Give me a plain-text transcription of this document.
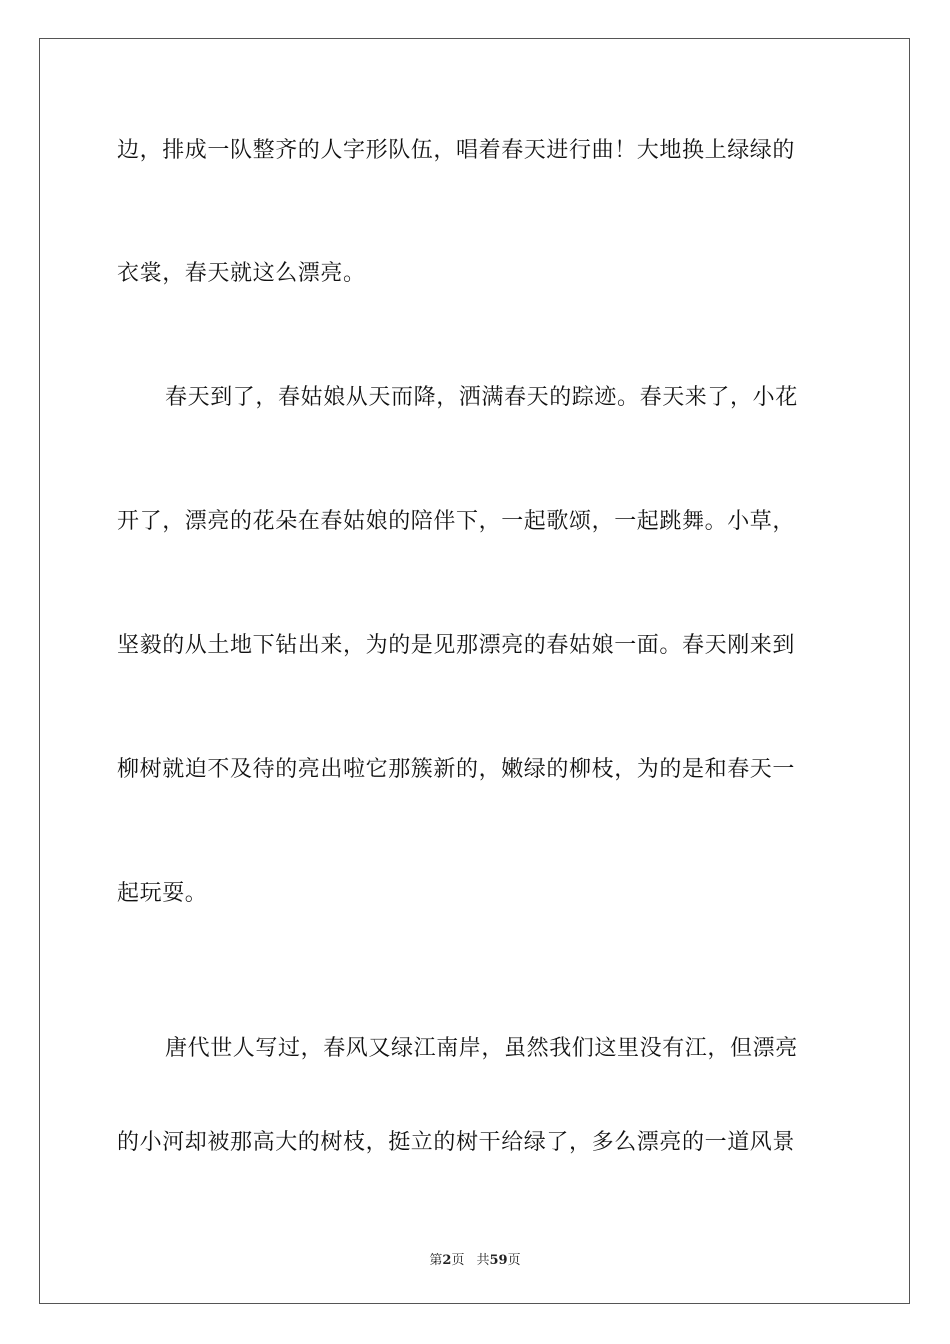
边，排成一队整齐的人字形队伍，唱着春天进行曲！大地换上绿绿的
衣裳，春天就这么漂亮。
春天到了，春姑娘从天而降，洒满春天的踪迹。春天来了，小花
开了，漂亮的花朵在春姑娘的陪伴下，一起歌颂，一起跳舞。小草，
坚毅的从土地下钻出来，为的是见那漂亮的春姑娘一面。春天刚来到
柳树就迫不及待的亮出啦它那簇新的，嫩绿的柳枝，为的是和春天一
起玩耍。
唐代世人写过，春风又绿江南岸，虽然我们这里没有江，但漂亮
的小河却被那高大的树枝，挺立的树干给绿了，多么漂亮的一道风景
第2页 共59页
